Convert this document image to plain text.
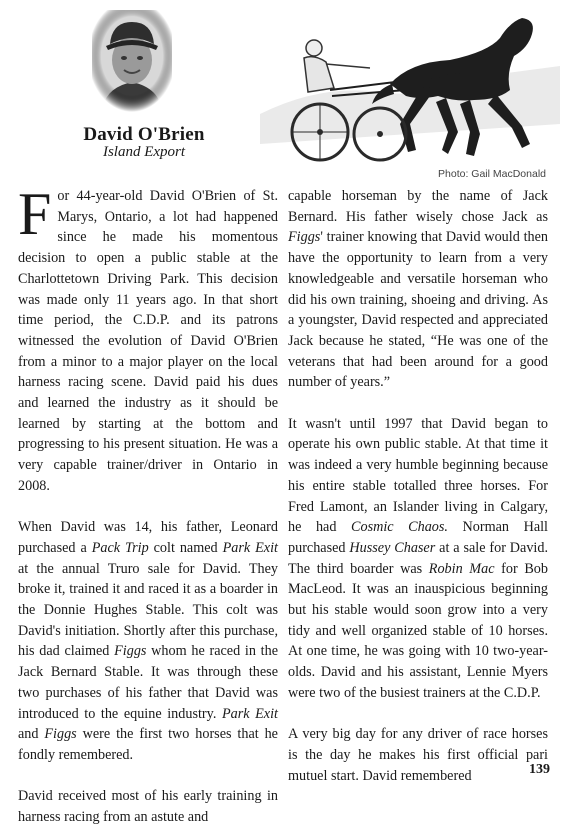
David O'Brien
Island Export
Photo: Gail MacDonald

For 44-year-old David O'Brien of St. Marys, Ontario, a lot had happened since he made his momentous decision to open a public stable at the Charlottetown Driving Park. This decision was made only 11 years ago. In that short time period, the C.D.P. and its patrons witnessed the evolution of David O'Brien from a minor to a major player on the local harness racing scene. David paid his dues and learned the industry as it should be learned by starting at the bottom and progressing to his present situation. He was a very capable trainer/driver in Ontario in 2008.

When David was 14, his father, Leonard purchased a Pack Trip colt named Park Exit at the annual Truro sale for David. They broke it, trained it and raced it as a boarder in the Donnie Hughes Stable. This colt was David's initiation. Shortly after this purchase, his dad claimed Figgs whom he raced in the Jack Bernard Stable. It was through these two purchases of his father that David was introduced to the equine industry. Park Exit and Figgs were the first two horses that he fondly remembered.

David received most of his early training in harness racing from an astute and

capable horseman by the name of Jack Bernard. His father wisely chose Jack as Figgs' trainer knowing that David would then have the opportunity to learn from a very knowledgeable and versatile horseman who did his own training, shoeing and driving. As a youngster, David respected and appreciated Jack because he stated, “He was one of the veterans that had been around for a good number of years.”

It wasn't until 1997 that David began to operate his own public stable. At that time it was indeed a very humble beginning because his entire stable totalled three horses. For Fred Lamont, an Islander living in Calgary, he had Cosmic Chaos. Norman Hall purchased Hussey Chaser at a sale for David. The third boarder was Robin Mac for Bob MacLeod. It was an inauspicious beginning but his stable would soon grow into a very tidy and well organized stable of 10 horses. At one time, he was going with 10 two-year-olds. David and his assistant, Lennie Myers were two of the busiest trainers at the C.D.P.

A very big day for any driver of race horses is the day he makes his first official pari mutuel start. David remembered	139
